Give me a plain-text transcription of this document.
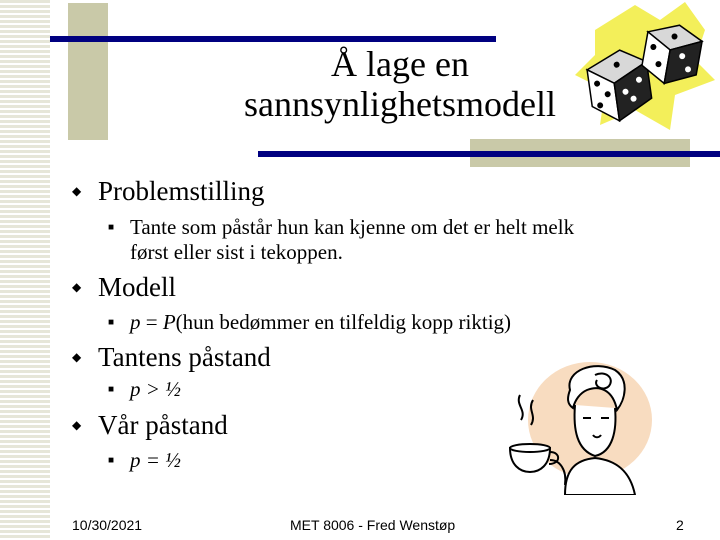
Å lage en
sannsynlighetsmodell
◆ Problemstilling
■ Tante som påstår hun kan kjenne om det er helt melk
først eller sist i tekoppen.
◆ Modell
■ p = P(hun bedømmer en tilfeldig kopp riktig)
◆ Tantens påstand
■ p > ½
◆ Vår påstand
■ p = ½
10/30/2021	MET 8006 - Fred Wenstøp	2
